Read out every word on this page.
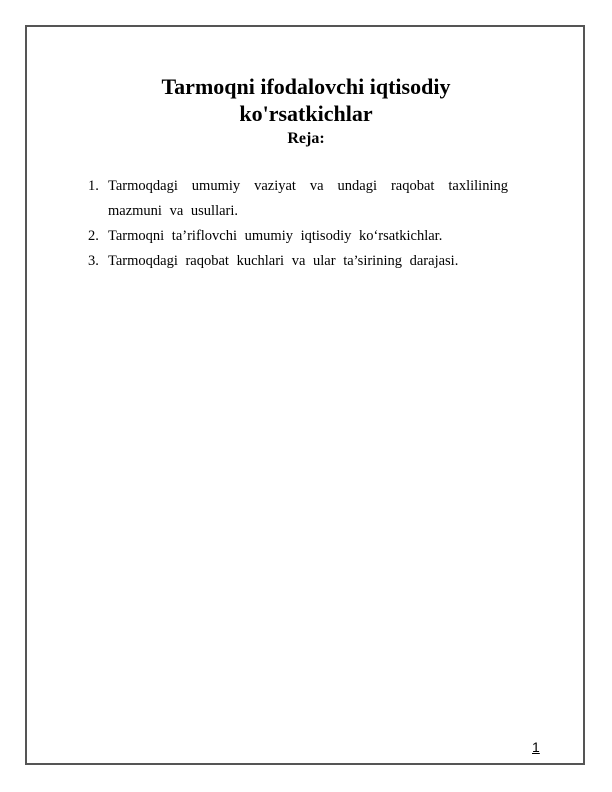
Tarmoqni ifodalovchi iqtisodiy
ko'rsatkichlar
Reja:
1. Tarmoqdagi umumiy vaziyat va undagi raqobat taxlilining
mazmuni va usullari.
2. Tarmoqni ta’riflovchi umumiy iqtisodiy ko‘rsatkichlar.
3. Tarmoqdagi raqobat kuchlari va ular ta’sirining darajasi.
1
